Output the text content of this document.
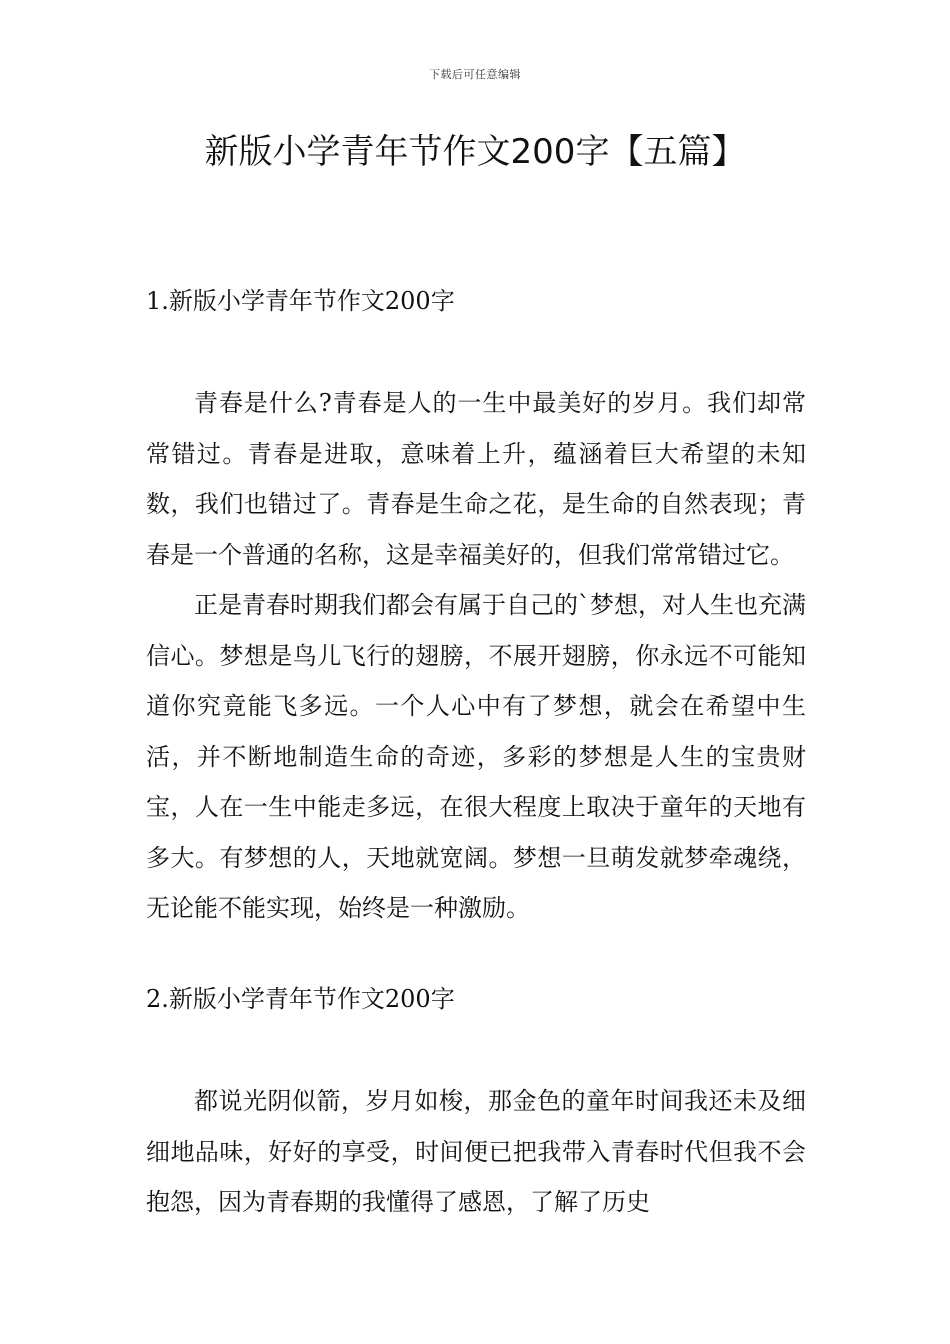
下载后可任意编辑
新版小学青年节作文200字【五篇】
1.新版小学青年节作文200字

青春是什么?青春是人的一生中最美好的岁月。我们却常常错过。青春是进取，意味着上升，蕴涵着巨大希望的未知数，我们也错过了。青春是生命之花，是生命的自然表现；青春是一个普通的名称，这是幸福美好的，但我们常常错过它。

正是青春时期我们都会有属于自己的`梦想，对人生也充满信心。梦想是鸟儿飞行的翅膀，不展开翅膀，你永远不可能知道你究竟能飞多远。一个人心中有了梦想，就会在希望中生活，并不断地制造生命的奇迹，多彩的梦想是人生的宝贵财宝，人在一生中能走多远，在很大程度上取决于童年的天地有多大。有梦想的人，天地就宽阔。梦想一旦萌发就梦牵魂绕，无论能不能实现，始终是一种激励。

2.新版小学青年节作文200字

都说光阴似箭，岁月如梭，那金色的童年时间我还未及细细地品味，好好的享受，时间便已把我带入青春时代但我不会抱怨，因为青春期的我懂得了感恩，了解了历史
